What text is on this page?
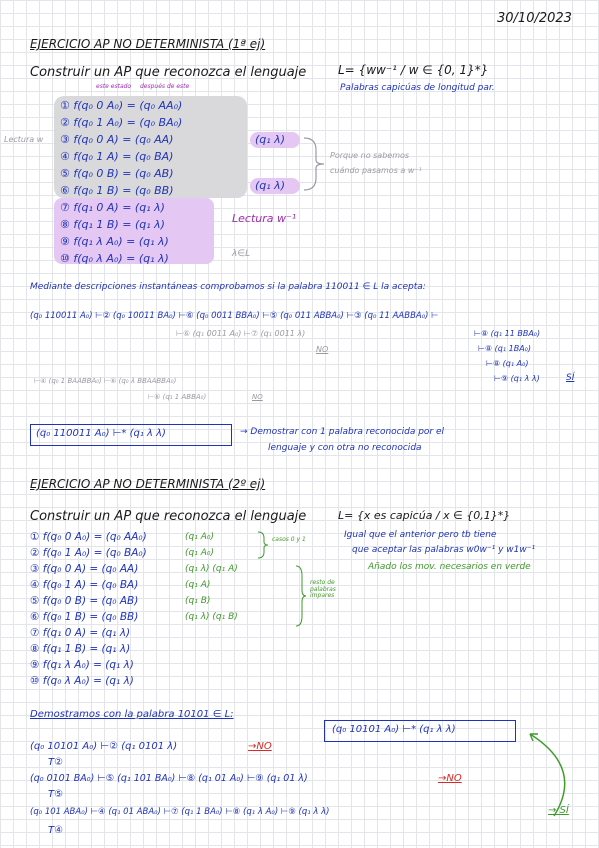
30/10/2023
EJERCICIO AP NO DETERMINISTA (1ª ej)
Construir un AP que reconozca el lenguaje	L= {ww⁻¹ / w ∈ {0, 1}*}
Palabras capicúas de longitud par.
este estado después de este
Lectura w
① f(q₀ 0 A₀) = (q₀ AA₀)
② f(q₀ 1 A₀) = (q₀ BA₀)
③ f(q₀ 0 A) = (q₀ AA)
④ f(q₀ 1 A) = (q₀ BA)
⑤ f(q₀ 0 B) = (q₀ AB)
⑥ f(q₀ 1 B) = (q₀ BB)
⑦ f(q₁ 0 A) = (q₁ λ)
⑧ f(q₁ 1 B) = (q₁ λ)
⑨ f(q₁ λ A₀) = (q₁ λ)
⑩ f(q₀ λ A₀) = (q₁ λ)
(q₁ λ)
(q₁ λ)
Porque no sabemos
cuándo pasamos a w⁻¹
Lectura w⁻¹
λ∈L
Mediante descripciones instantáneas comprobamos si la palabra 110011 ∈ L la acepta:
(q₀ 110011 A₀) ⊢② (q₀ 10011 BA₀) ⊢⑥ (q₀ 0011 BBA₀) ⊢⑤ (q₀ 011 ABBA₀) ⊢③ (q₀ 11 AABBA₀) ⊢
⊢⑥ (q₁ 0011 A₀) ⊢⑦ (q₁ 0011 λ)
NO
⊢⑧ (q₁ 11 BBA₀)
⊢⑧ (q₁ 1BA₀)
⊢⑧ (q₁ A₀)
⊢⑨ (q₁ λ λ)	SÍ
⊢④ (q₀ 1 BAABBA₀) ⊢⑥ (q₀ λ BBAABBA₀)
⊢⑥ (q₁ 1 ABBA₀)	NO
(q₀ 110011 A₀) ⊢* (q₁ λ λ)	→ Demostrar con 1 palabra reconocida por el
lenguaje y con otra no reconocida
EJERCICIO AP NO DETERMINISTA (2º ej)
Construir un AP que reconozca el lenguaje	L= {x es capicúa / x ∈ {0,1}*}
Igual que el anterior pero tb tiene
que aceptar las palabras w0w⁻¹ y w1w⁻¹
Añado los mov. necesarios en verde
① f(q₀ 0 A₀) = (q₀ AA₀)
② f(q₀ 1 A₀) = (q₀ BA₀)
③ f(q₀ 0 A) = (q₀ AA)
④ f(q₀ 1 A) = (q₀ BA)
⑤ f(q₀ 0 B) = (q₀ AB)
⑥ f(q₀ 1 B) = (q₀ BB)
⑦ f(q₁ 0 A) = (q₁ λ)
⑧ f(q₁ 1 B) = (q₁ λ)
⑨ f(q₁ λ A₀) = (q₁ λ)
⑩ f(q₀ λ A₀) = (q₁ λ)
(q₁ A₀)
(q₁ A₀)
(q₁ λ) (q₁ A)
(q₁ A)
(q₁ B)
(q₁ λ) (q₁ B)
casos 0 y 1
resto de palabras impares
Demostramos con la palabra 10101 ∈ L:
(q₀ 10101 A₀) ⊢* (q₁ λ λ)
(q₀ 10101 A₀) ⊢② (q₁ 0101 λ)	→NO
T②
(q₀ 0101 BA₀) ⊢⑤ (q₁ 101 BA₀) ⊢⑧ (q₁ 01 A₀) ⊢⑨ (q₁ 01 λ)	→NO
T⑤
(q₀ 101 ABA₀) ⊢④ (q₁ 01 ABA₀) ⊢⑦ (q₁ 1 BA₀) ⊢⑧ (q₁ λ A₀) ⊢⑨ (q₁ λ λ)	→ SÍ
T④
